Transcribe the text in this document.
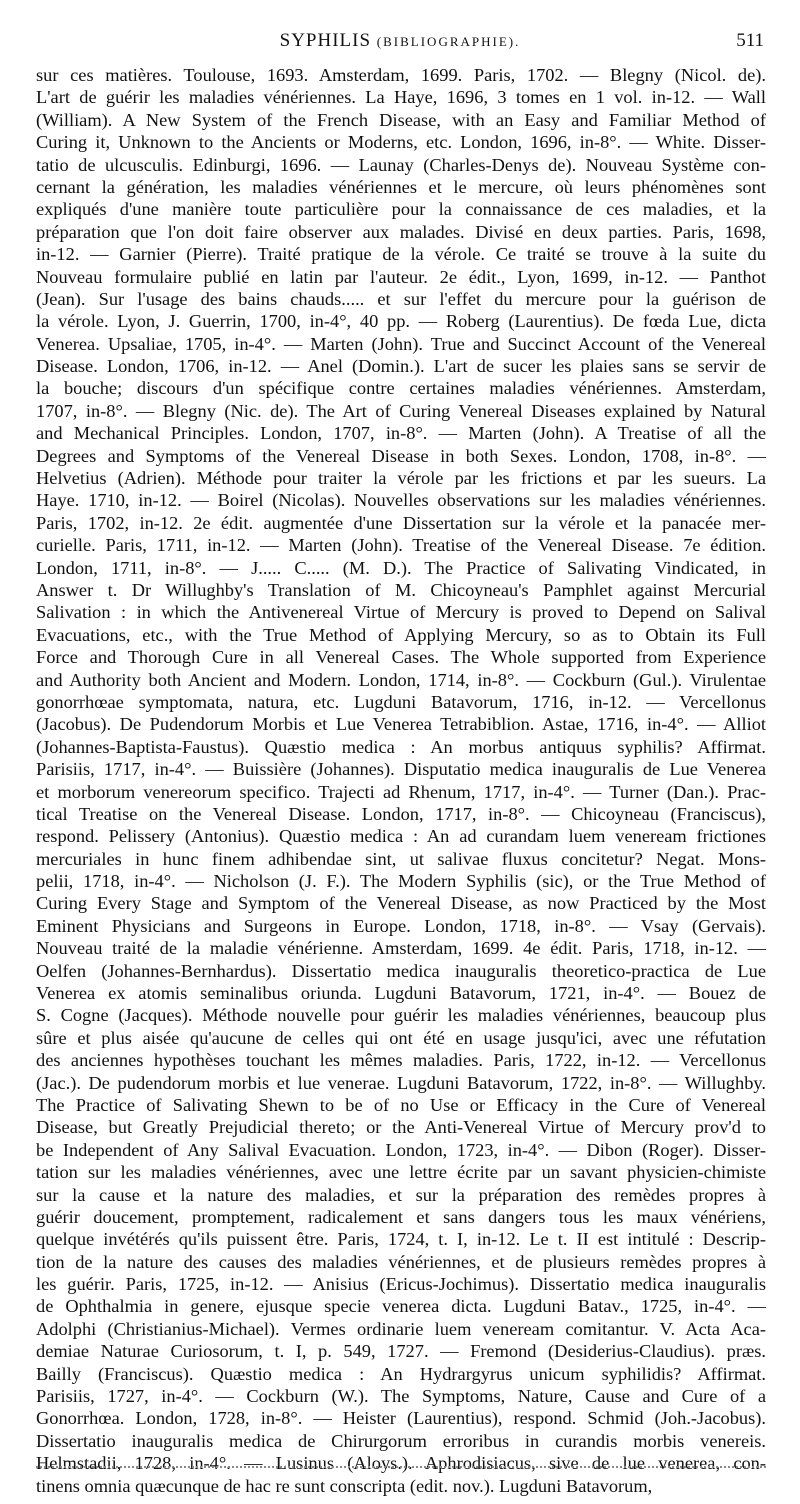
SYPHILIS (BIBLIOGRAPHIE).	511
sur ces matières. Toulouse, 1693. Amsterdam, 1699. Paris, 1702. — Blegny (Nicol. de).
L'art de guérir les maladies vénériennes. La Haye, 1696, 3 tomes en 1 vol. in-12. — Wall
(William). A New System of the French Disease, with an Easy and Familiar Method of
Curing it, Unknown to the Ancients or Moderns, etc. London, 1696, in-8°. — White. Disser-
tatio de ulcusculis. Edinburgi, 1696. — Launay (Charles-Denys de). Nouveau Système con-
cernant la génération, les maladies vénériennes et le mercure, où leurs phénomènes sont
expliqués d'une manière toute particulière pour la connaissance de ces maladies, et la
préparation que l'on doit faire observer aux malades. Divisé en deux parties. Paris, 1698,
in-12. — Garnier (Pierre). Traité pratique de la vérole. Ce traité se trouve à la suite du
Nouveau formulaire publié en latin par l'auteur. 2e édit., Lyon, 1699, in-12. — Panthot
(Jean). Sur l'usage des bains chauds..... et sur l'effet du mercure pour la guérison de
la vérole. Lyon, J. Guerrin, 1700, in-4°, 40 pp. — Roberg (Laurentius). De fœda Lue, dicta
Venerea. Upsaliae, 1705, in-4°. — Marten (John). True and Succinct Account of the Venereal
Disease. London, 1706, in-12. — Anel (Domin.). L'art de sucer les plaies sans se servir de
la bouche; discours d'un spécifique contre certaines maladies vénériennes. Amsterdam,
1707, in-8°. — Blegny (Nic. de). The Art of Curing Venereal Diseases explained by Natural
and Mechanical Principles. London, 1707, in-8°. — Marten (John). A Treatise of all the
Degrees and Symptoms of the Venereal Disease in both Sexes. London, 1708, in-8°. —
Helvetius (Adrien). Méthode pour traiter la vérole par les frictions et par les sueurs. La
Haye. 1710, in-12. — Boirel (Nicolas). Nouvelles observations sur les maladies vénériennes.
Paris, 1702, in-12. 2e édit. augmentée d'une Dissertation sur la vérole et la panacée mer-
curielle. Paris, 1711, in-12. — Marten (John). Treatise of the Venereal Disease. 7e édition.
London, 1711, in-8°. — J..... C..... (M. D.). The Practice of Salivating Vindicated, in
Answer t. Dr Willughby's Translation of M. Chicoyneau's Pamphlet against Mercurial
Salivation : in which the Antivenereal Virtue of Mercury is proved to Depend on Salival
Evacuations, etc., with the True Method of Applying Mercury, so as to Obtain its Full
Force and Thorough Cure in all Venereal Cases. The Whole supported from Experience
and Authority both Ancient and Modern. London, 1714, in-8°. — Cockburn (Gul.). Virulentae
gonorrhœae symptomata, natura, etc. Lugduni Batavorum, 1716, in-12. — Vercellonus
(Jacobus). De Pudendorum Morbis et Lue Venerea Tetrabiblion. Astae, 1716, in-4°. — Alliot
(Johannes-Baptista-Faustus). Quæstio medica : An morbus antiquus syphilis? Affirmat.
Parisiis, 1717, in-4°. — Buissière (Johannes). Disputatio medica inauguralis de Lue Venerea
et morborum venereorum specifico. Trajecti ad Rhenum, 1717, in-4°. — Turner (Dan.). Prac-
tical Treatise on the Venereal Disease. London, 1717, in-8°. — Chicoyneau (Franciscus),
respond. Pelissery (Antonius). Quæstio medica : An ad curandam luem veneream frictiones
mercuriales in hunc finem adhibendae sint, ut salivae fluxus concitetur? Negat. Mons-
pelii, 1718, in-4°. — Nicholson (J. F.). The Modern Syphilis (sic), or the True Method of
Curing Every Stage and Symptom of the Venereal Disease, as now Practiced by the Most
Eminent Physicians and Surgeons in Europe. London, 1718, in-8°. — Vsay (Gervais).
Nouveau traité de la maladie vénérienne. Amsterdam, 1699. 4e édit. Paris, 1718, in-12. —
Oelfen (Johannes-Bernhardus). Dissertatio medica inauguralis theoretico-practica de Lue
Venerea ex atomis seminalibus oriunda. Lugduni Batavorum, 1721, in-4°. — Bouez de
S. Cogne (Jacques). Méthode nouvelle pour guérir les maladies vénériennes, beaucoup plus
sûre et plus aisée qu'aucune de celles qui ont été en usage jusqu'ici, avec une réfutation
des anciennes hypothèses touchant les mêmes maladies. Paris, 1722, in-12. — Vercellonus
(Jac.). De pudendorum morbis et lue venerae. Lugduni Batavorum, 1722, in-8°. — Willughby.
The Practice of Salivating Shewn to be of no Use or Efficacy in the Cure of Venereal
Disease, but Greatly Prejudicial thereto; or the Anti-Venereal Virtue of Mercury prov'd to
be Independent of Any Salival Evacuation. London, 1723, in-4°. — Dibon (Roger). Disser-
tation sur les maladies vénériennes, avec une lettre écrite par un savant physicien-chimiste
sur la cause et la nature des maladies, et sur la préparation des remèdes propres à
guérir doucement, promptement, radicalement et sans dangers tous les maux vénériens,
quelque invétérés qu'ils puissent être. Paris, 1724, t. I, in-12. Le t. II est intitulé : Descrip-
tion de la nature des causes des maladies vénériennes, et de plusieurs remèdes propres à
les guérir. Paris, 1725, in-12. — Anisius (Ericus-Jochimus). Dissertatio medica inauguralis
de Ophthalmia in genere, ejusque specie venerea dicta. Lugduni Batav., 1725, in-4°. —
Adolphi (Christianius-Michael). Vermes ordinarie luem veneream comitantur. V. Acta Aca-
demiae Naturae Curiosorum, t. I, p. 549, 1727. — Fremond (Desiderius-Claudius). præs.
Bailly (Franciscus). Quæstio medica : An Hydrargyrus unicum syphilidis? Affirmat.
Parisiis, 1727, in-4°. — Cockburn (W.). The Symptoms, Nature, Cause and Cure of a
Gonorrhœa. London, 1728, in-8°. — Heister (Laurentius), respond. Schmid (Joh.-Jacobus).
Dissertatio inauguralis medica de Chirurgorum erroribus in curandis morbis venereis.
Helmstadii, 1728, in-4°. — Lusinus (Aloys.). Aphrodisiacus, sive de lue venerea, con-
tinens omnia quæcunque de hac re sunt conscripta (edit. nov.). Lugduni Batavorum,
